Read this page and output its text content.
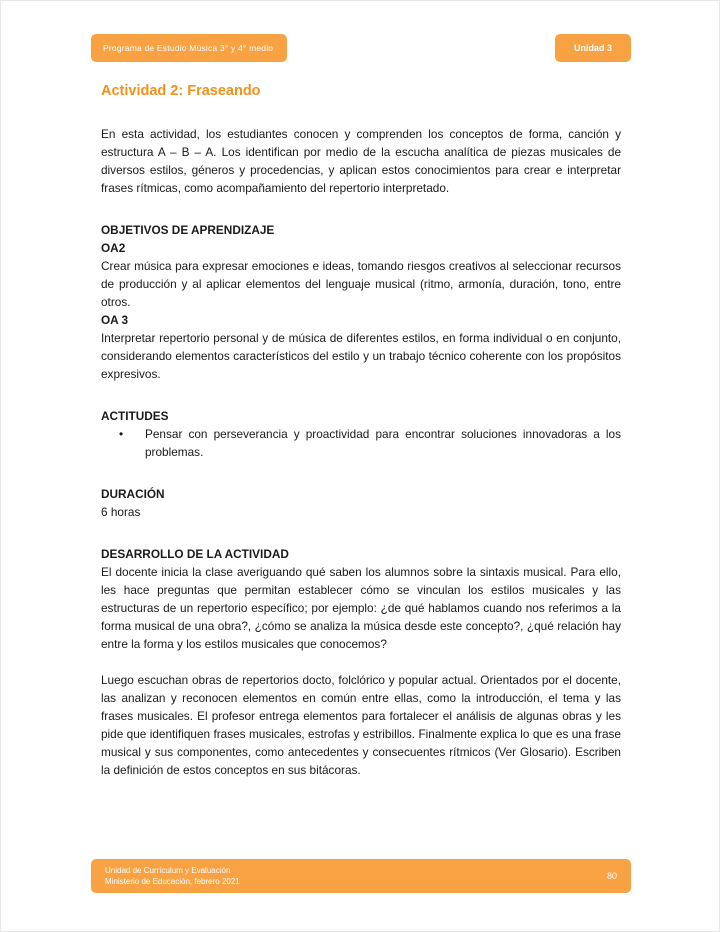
Programa de Estudio Música 3° y 4° medio	Unidad 3
Actividad 2: Fraseando

En esta actividad, los estudiantes conocen y comprenden los conceptos de forma, canción y estructura A – B – A. Los identifican por medio de la escucha analítica de piezas musicales de diversos estilos, géneros y procedencias, y aplican estos conocimientos para crear e interpretar frases rítmicas, como acompañamiento del repertorio interpretado.

OBJETIVOS DE APRENDIZAJE
OA2

Crear música para expresar emociones e ideas, tomando riesgos creativos al seleccionar recursos de producción y al aplicar elementos del lenguaje musical (ritmo, armonía, duración, tono, entre otros.

OA 3

Interpretar repertorio personal y de música de diferentes estilos, en forma individual o en conjunto, considerando elementos característicos del estilo y un trabajo técnico coherente con los propósitos expresivos.

ACTITUDES
• Pensar con perseverancia y proactividad para encontrar soluciones innovadoras a los problemas.
DURACIÓN

6 horas

DESARROLLO DE LA ACTIVIDAD

El docente inicia la clase averiguando qué saben los alumnos sobre la sintaxis musical. Para ello, les hace preguntas que permitan establecer cómo se vinculan los estilos musicales y las estructuras de un repertorio específico; por ejemplo: ¿de qué hablamos cuando nos referimos a la forma musical de una obra?, ¿cómo se analiza la música desde este concepto?, ¿qué relación hay entre la forma y los estilos musicales que conocemos?

Luego escuchan obras de repertorios docto, folclórico y popular actual. Orientados por el docente, las analizan y reconocen elementos en común entre ellas, como la introducción, el tema y las frases musicales. El profesor entrega elementos para fortalecer el análisis de algunas obras y les pide que identifiquen frases musicales, estrofas y estribillos. Finalmente explica lo que es una frase musical y sus componentes, como antecedentes y consecuentes rítmicos (Ver Glosario). Escriben la definición de estos conceptos en sus bitácoras.

Unidad de Currículum y Evaluación
Ministerio de Educación, febrero 2021
80
